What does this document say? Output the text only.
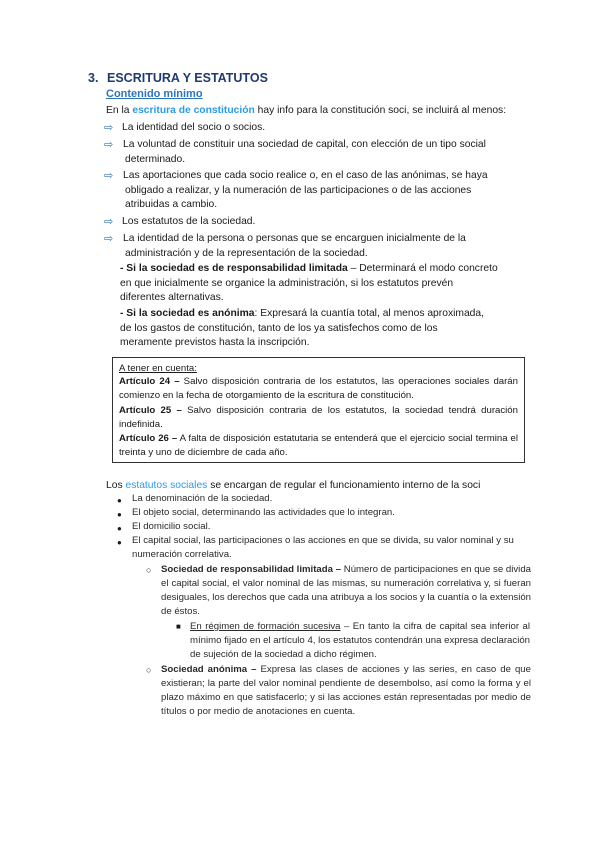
3. ESCRITURA Y ESTATUTOS
Contenido mínimo
En la escritura de constitución hay info para la constitución soci, se incluirá al menos:
⇨ La identidad del socio o socios.
⇨ La voluntad de constituir una sociedad de capital, con elección de un tipo social
determinado.
⇨ Las aportaciones que cada socio realice o, en el caso de las anónimas, se haya
obligado a realizar, y la numeración de las participaciones o de las acciones
atribuidas a cambio.
⇨ Los estatutos de la sociedad.
⇨ La identidad de la persona o personas que se encarguen inicialmente de la
administración y de la representación de la sociedad.
- Si la sociedad es de responsabilidad limitada – Determinará el modo concreto
en que inicialmente se organice la administración, si los estatutos prevén
diferentes alternativas.
- Si la sociedad es anónima: Expresará la cuantía total, al menos aproximada,
de los gastos de constitución, tanto de los ya satisfechos como de los
meramente previstos hasta la inscripción.
A tener en cuenta:
Artículo 24 – Salvo disposición contraria de los estatutos, las operaciones sociales darán comienzo en la fecha de otorgamiento de la escritura de constitución.
Artículo 25 – Salvo disposición contraria de los estatutos, la sociedad tendrá duración indefinida.
Artículo 26 – A falta de disposición estatutaria se entenderá que el ejercicio social termina el treinta y uno de diciembre de cada año.
Los estatutos sociales se encargan de regular el funcionamiento interno de la soci
● La denominación de la sociedad.
● El objeto social, determinando las actividades que lo integran.
● El domicilio social.
● El capital social, las participaciones o las acciones en que se divida, su valor nominal y su numeración correlativa.
○ Sociedad de responsabilidad limitada – Número de participaciones en que se divida el capital social, el valor nominal de las mismas, su numeración correlativa y, si fueran desiguales, los derechos que cada una atribuya a los socios y la cuantía o la extensión de éstos.
■ En régimen de formación sucesiva – En tanto la cifra de capital sea inferior al mínimo fijado en el artículo 4, los estatutos contendrán una expresa declaración de sujeción de la sociedad a dicho régimen.
○ Sociedad anónima – Expresa las clases de acciones y las series, en caso de que existieran; la parte del valor nominal pendiente de desembolso, así como la forma y el plazo máximo en que satisfacerlo; y si las acciones están representadas por medio de títulos o por medio de anotaciones en cuenta.
